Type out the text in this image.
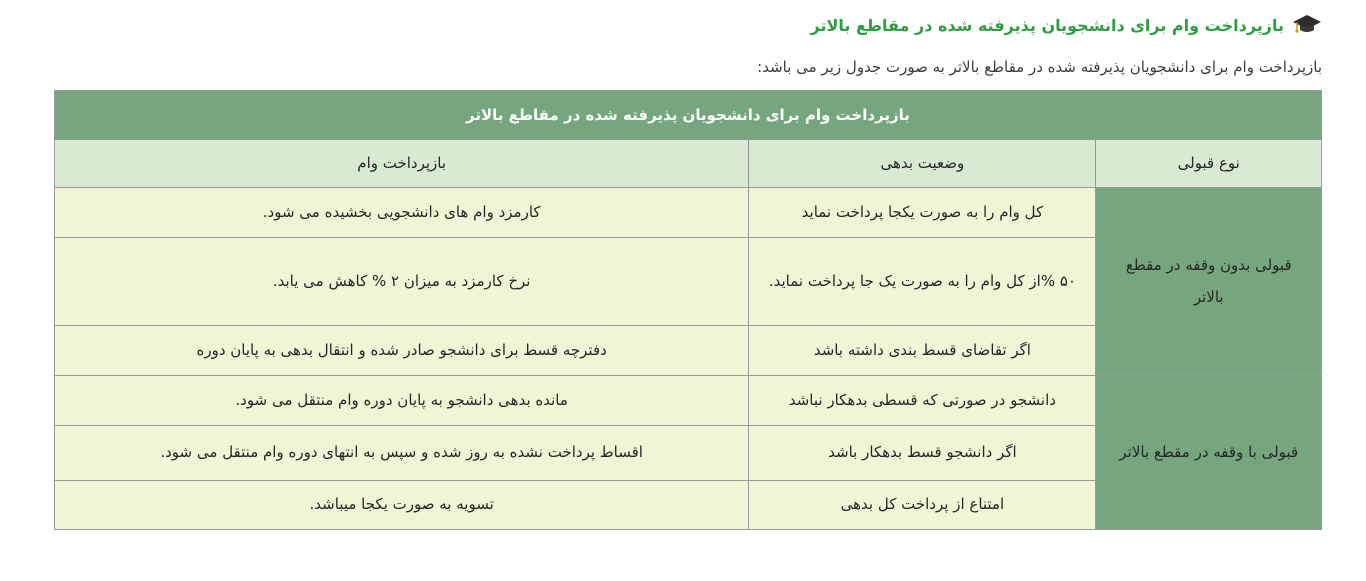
بازپرداخت وام برای دانشجویان پذیرفته شده در مقاطع بالاتر

بازپرداخت وام برای دانشجویان پذیرفته شده در مقاطع بالاتر به صورت جدول زیر می باشد:

بازپرداخت وام برای دانشجویان پذیرفته شده در مقاطع بالاتر		
نوع قبولی	وضعیت بدهی	بازپرداخت وام
قبولی بدون وقفه در مقطع بالاتر	کل وام را به صورت یکجا پرداخت نماید	کارمزد وام های دانشجویی بخشیده می شود.
	۵۰ %از کل وام را به صورت یک جا پرداخت نماید.	نرخ کارمزد به میزان ۲ % کاهش می یابد.
	اگر تقاضای قسط بندی داشته باشد	دفترچه قسط برای دانشجو صادر شده و انتقال بدهی به پایان دوره
قبولی با وقفه در مقطع بالاتر	دانشجو در صورتی که قسطی بدهکار نباشد	مانده بدهی دانشجو به پایان دوره وام منتقل می شود.
	اگر دانشجو قسط بدهکار باشد	اقساط پرداخت نشده به روز شده و سپس به انتهای دوره وام منتقل می شود.
	امتناع از پرداخت کل بدهی	تسویه به صورت یکجا میباشد.
